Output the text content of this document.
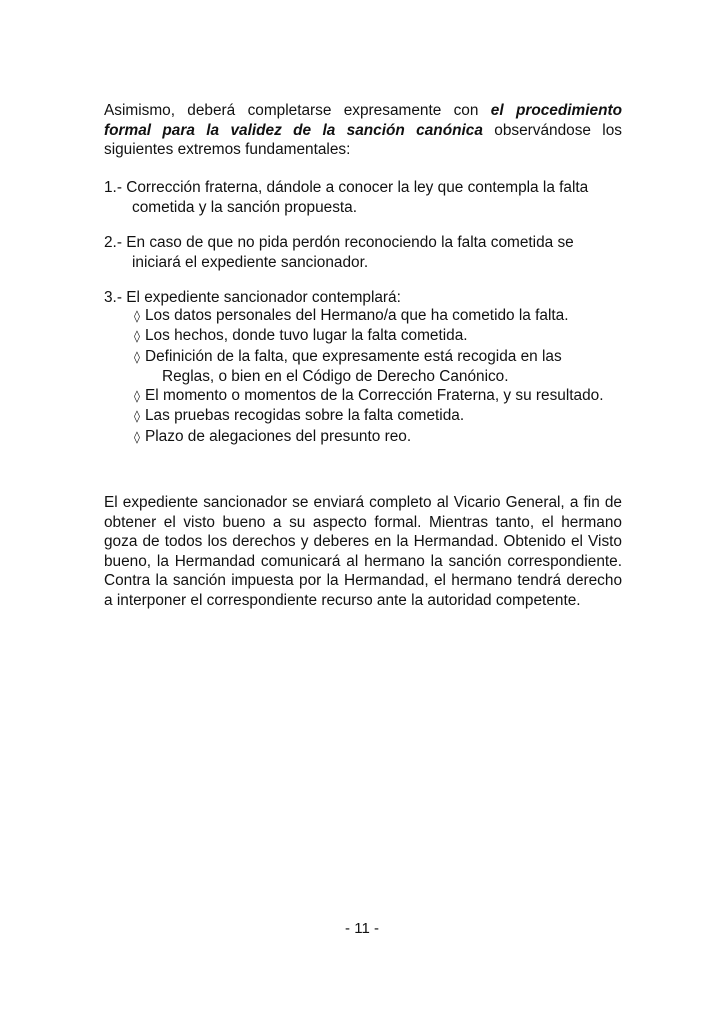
Asimismo, deberá completarse expresamente con el procedimiento formal para la validez de la sanción canónica observándose los siguientes extremos fundamentales:

1.- Corrección fraterna, dándole a conocer la ley que contempla la falta
cometida y la sanción propuesta.
2.- En caso de que no pida perdón reconociendo la falta cometida se
iniciará el expediente sancionador.
3.- El expediente sancionador contemplará:
◊ Los datos personales del Hermano/a que ha cometido la falta.
◊ Los hechos, donde tuvo lugar la falta cometida.
◊ Definición de la falta, que expresamente está recogida en las
Reglas, o bien en el Código de Derecho Canónico.
◊ El momento o momentos de la Corrección Fraterna, y su resultado.
◊ Las pruebas recogidas sobre la falta cometida.
◊ Plazo de alegaciones del presunto reo.

El expediente sancionador se enviará completo al Vicario General, a fin de obtener el visto bueno a su aspecto formal. Mientras tanto, el hermano goza de todos los derechos y deberes en la Hermandad. Obtenido el Visto bueno, la Hermandad comunicará al hermano la sanción correspondiente. Contra la sanción impuesta por la Hermandad, el hermano tendrá derecho a interponer el correspondiente recurso ante la autoridad competente.

- 11 -
